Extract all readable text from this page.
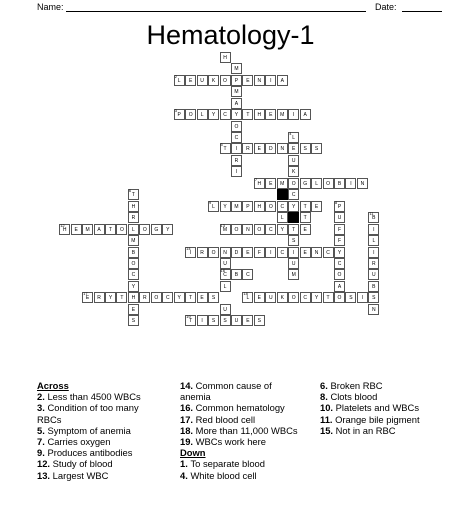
Name:	Date:
Hematology-1
H
M
2
L	E	U	K	O	P	E	N	I	A
M
A
3
P	O	L	Y	C	Y	T	H	E	M	I	A
O
C
4
L
5
T	I	R	E	D	N	E	S	S
R	U
I	K
7
H	E	M	O	G	L	O	B	I	N
6
T	C
H
9
L	Y	M	P	H	O	C	Y	T	E
8
P
R	L	T	U
11
B
12
H	E	M	A	T	O	L	O	G	Y
13
M	O	N	O	C	Y	T	E	F	I
M	S	F	L
B
14
I	R	O	N	D	E	F	I	C	I	E	N	C	Y	I
O	U	U	C	R
C
16
C	B	C	M	O	U
Y	L	A	B
17
E	R	Y	T	H	R	O	C	Y	T	E	S
18
L	E	U	K	O	C	Y	T	O	S	I	S
E	U	N
S
19
T	I	S	S	U	E	S

Across

2. Less than 4500 WBCs

3. Condition of too many RBCs

5. Symptom of anemia

7. Carries oxygen

9. Produces antibodies

12. Study of blood

13. Largest WBC

14. Common cause of anemia

16. Common hematology

17. Red blood cell

18. More than 11,000 WBCs

19. WBCs work here

Down

1. To separate blood

4. White blood cell

6. Broken RBC

8. Clots blood

10. Platelets and WBCs

11. Orange bile pigment

15. Not in an RBC
